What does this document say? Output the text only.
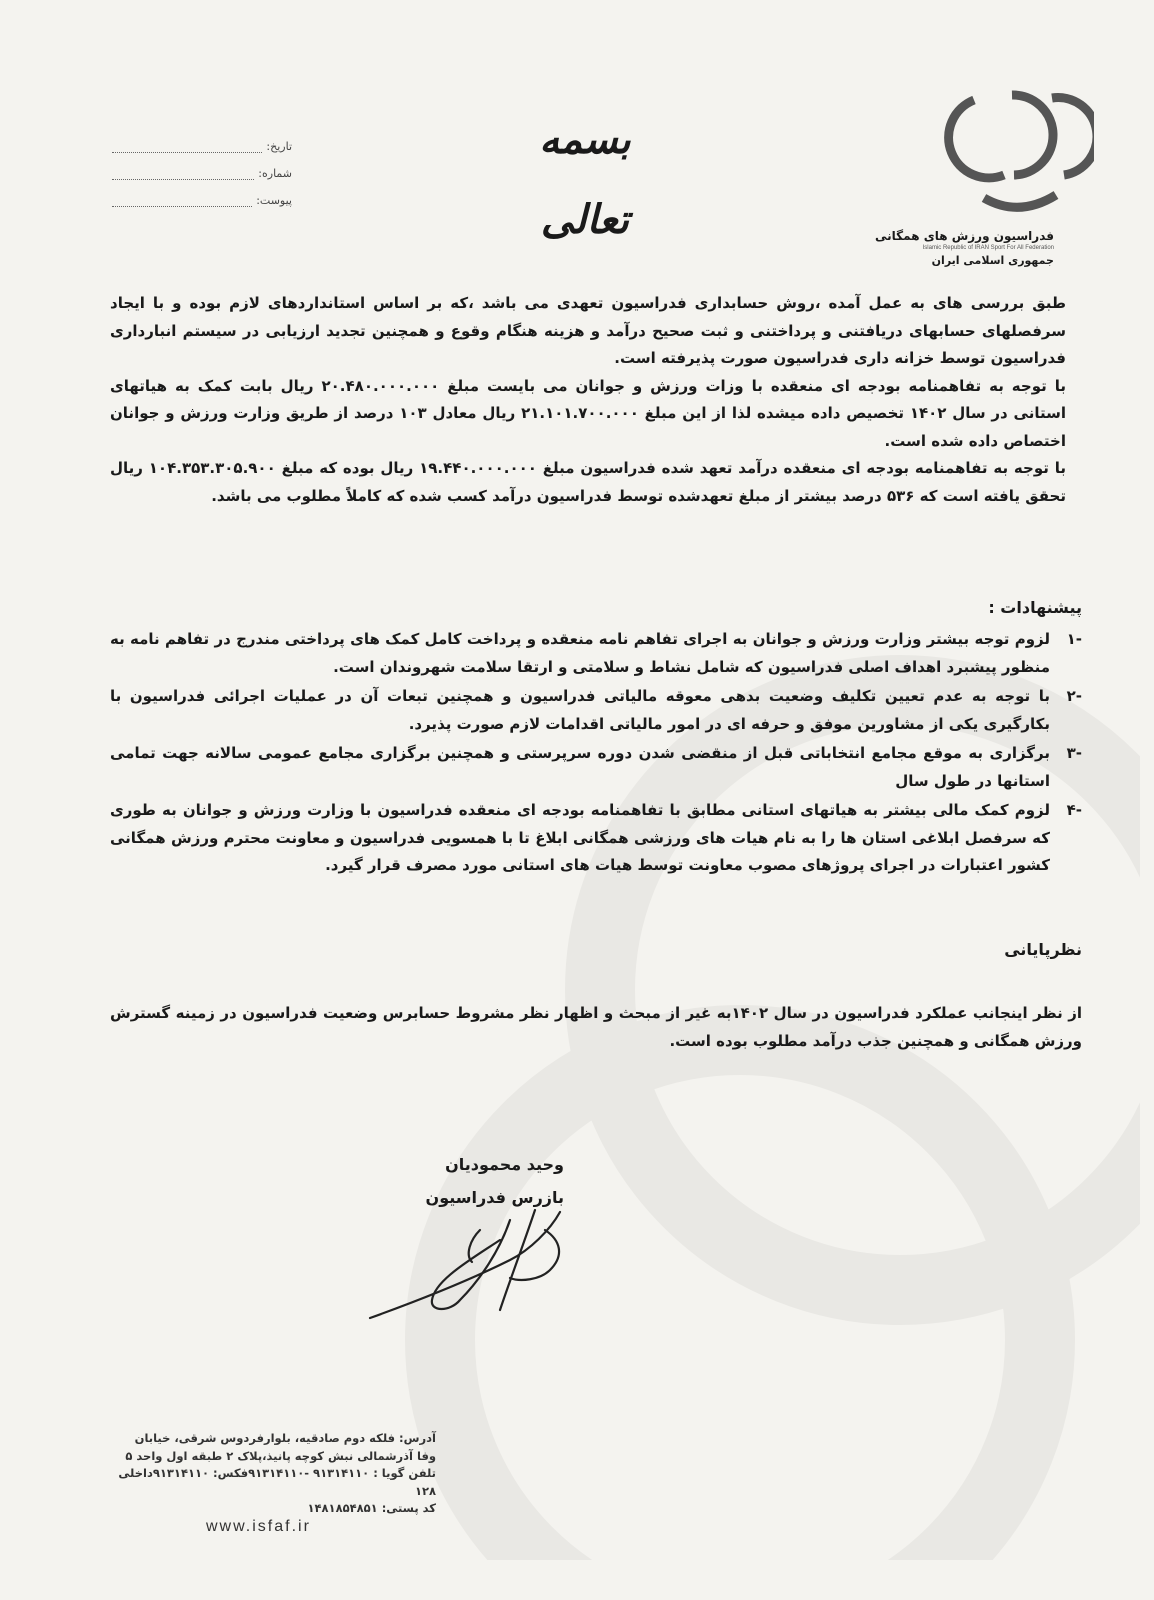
فدراسیون ورزش های همگانی
Islamic Republic of IRAN Sport For All Federation
جمهوری اسلامی ایران
بسمه تعالی
تاریخ:
شماره:
پیوست:

طبق بررسی های به عمل آمده ،روش حسابداری فدراسیون تعهدی می باشد ،که بر اساس استانداردهای لازم بوده و با ایجاد سرفصلهای حسابهای دریافتنی و پرداختنی و ثبت صحیح درآمد و هزینه هنگام وقوع و همچنین تجدید ارزیابی در سیستم انبارداری فدراسیون توسط خزانه داری فدراسیون صورت پذیرفته است.

با توجه به تفاهمنامه بودجه ای منعقده با وزات ورزش و جوانان می بایست مبلغ ۲۰.۴۸۰.۰۰۰.۰۰۰ ریال بابت کمک به هیاتهای استانی در سال ۱۴۰۲ تخصیص داده میشده لذا از این مبلغ ۲۱.۱۰۱.۷۰۰.۰۰۰ ریال معادل ۱۰۳ درصد از طریق وزارت ورزش و جوانان اختصاص داده شده است.

با توجه به تفاهمنامه بودجه ای منعقده درآمد تعهد شده فدراسیون مبلغ ۱۹.۴۴۰.۰۰۰.۰۰۰ ریال بوده که مبلغ ۱۰۴.۳۵۳.۳۰۵.۹۰۰ ریال تحقق یافته است که ۵۳۶ درصد بیشتر از مبلغ تعهدشده توسط فدراسیون درآمد کسب شده که کاملاً مطلوب می باشد.

پیشنهادات :
-۱
لزوم توجه بیشتر وزارت ورزش و جوانان به اجرای تفاهم نامه منعقده و پرداخت کامل کمک های پرداختی مندرج در تفاهم نامه به منظور پیشبرد اهداف اصلی فدراسیون که شامل نشاط و سلامتی و ارتقا سلامت شهروندان است.
-۲
با توجه به عدم تعیین تکلیف وضعیت بدهی معوقه مالیاتی فدراسیون و همچنین تبعات آن در عملیات اجرائی فدراسیون با بکارگیری یکی از مشاورین موفق و حرفه ای در امور مالیاتی اقدامات لازم صورت پذیرد.
-۳
برگزاری به موقع مجامع انتخاباتی قبل از منقضی شدن دوره سرپرستی و همچنین برگزاری مجامع عمومی سالانه جهت تمامی استانها در طول سال
-۴
لزوم کمک مالی بیشتر به هیاتهای استانی مطابق با تفاهمنامه بودجه ای منعقده فدراسیون با وزارت ورزش و جوانان به طوری که سرفصل ابلاغی استان ها را به نام هیات های ورزشی همگانی ابلاغ تا با همسویی فدراسیون و معاونت محترم ورزش همگانی کشور اعتبارات در اجرای پروژهای مصوب معاونت توسط هیات های استانی مورد مصرف قرار گیرد.
نظرپایانی
از نظر اینجانب عملکرد فدراسیون در سال ۱۴۰۲به غیر از مبحث و اظهار نظر مشروط حسابرس وضعیت فدراسیون در زمینه گسترش ورزش همگانی و همچنین جذب درآمد مطلوب بوده است.
وحید محمودیان
بازرس فدراسیون
آدرس: فلکه دوم صادقیه، بلوارفردوس شرقی، خیابان
وفا آذرشمالی نبش کوچه پانیذ،پلاک ۲ طبقه اول واحد ۵
تلفن گویا : ۹۱۳۱۴۱۱۰ -۹۱۳۱۴۱۱۰فکس: ۹۱۳۱۴۱۱۰داخلی ۱۲۸
کد پستی: ۱۴۸۱۸۵۴۸۵۱
www.isfaf.ir
